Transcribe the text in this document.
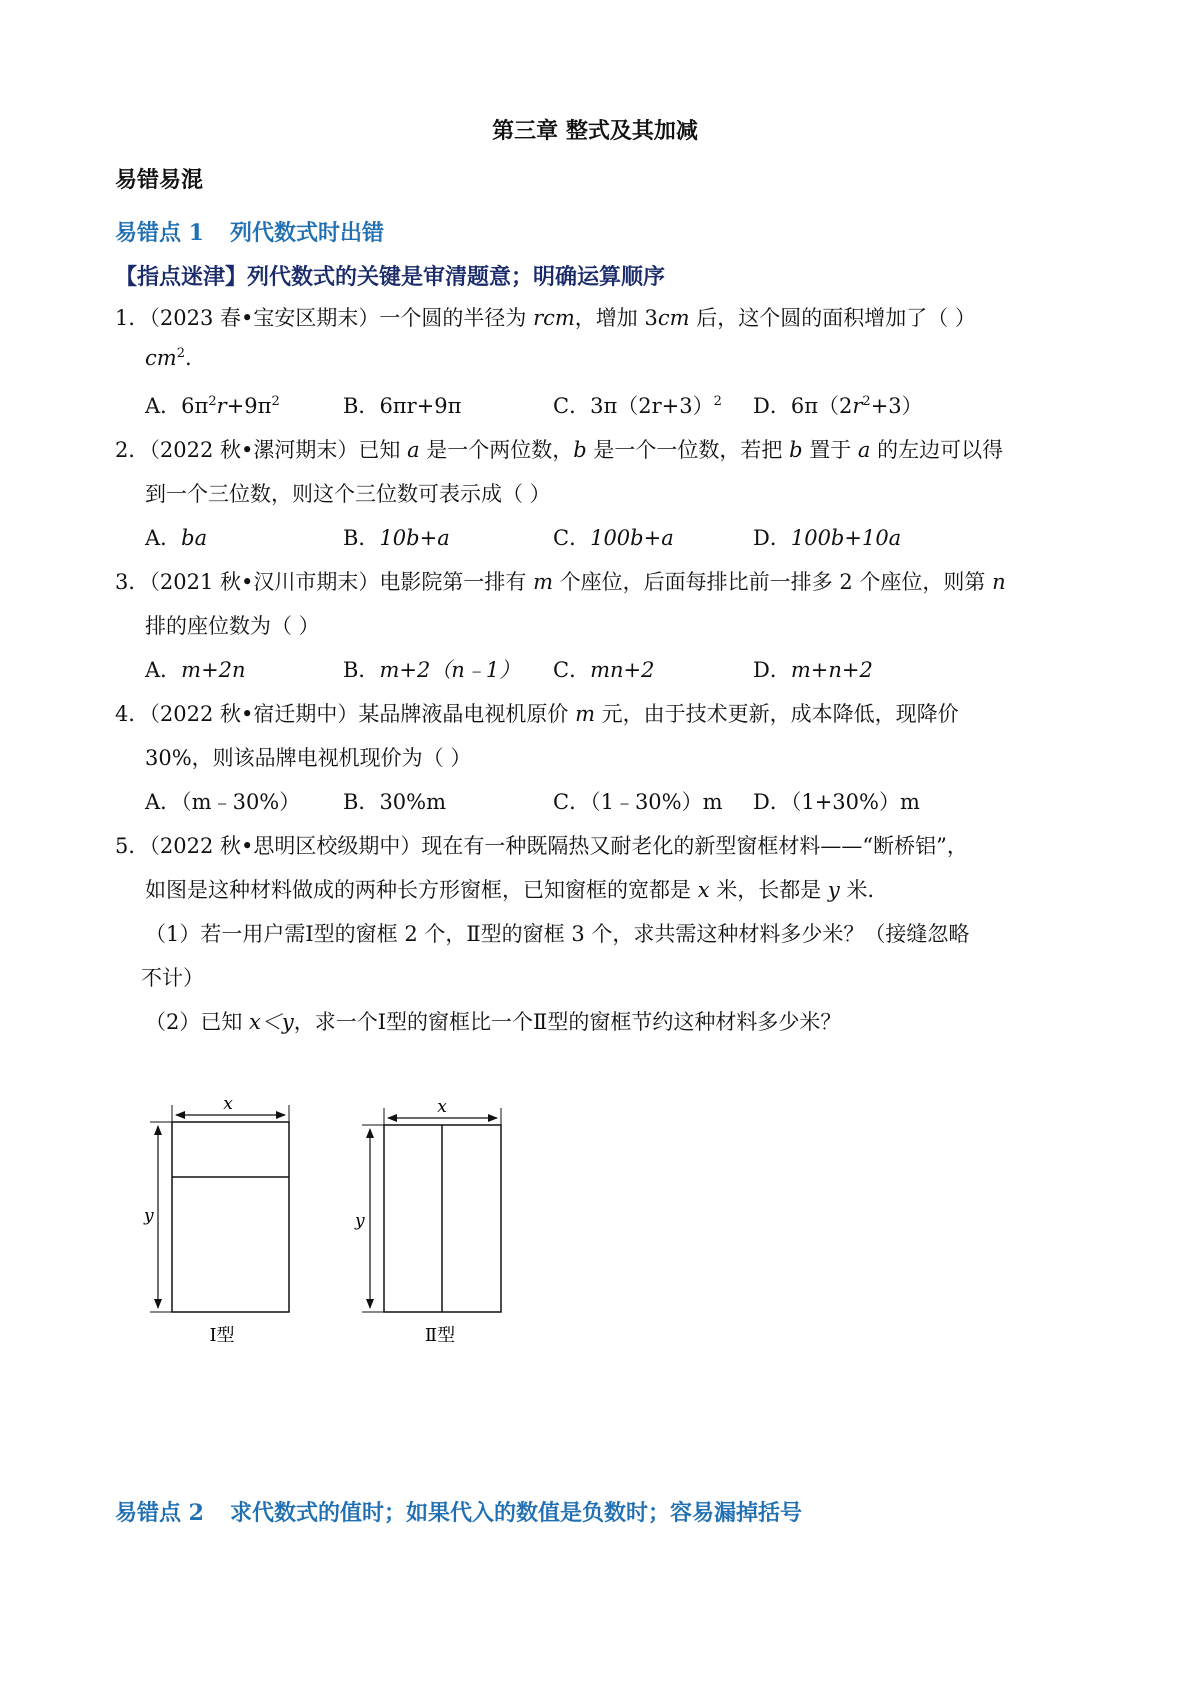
第三章 整式及其加减
易错易混
易错点 1 列代数式时出错
【指点迷津】列代数式的关键是审清题意；明确运算顺序
1．（2023 春•宝安区期末）一个圆的半径为 rcm，增加 3cm 后，这个圆的面积增加了（ ）
$cm^2$.
A．$6\pi^2r+9\pi^2$	B．6πr+9π	C．$3\pi(2r+3)^2$ D．$6\pi(2r^2+3)$
2．（2022 秋•漯河期末）已知 a 是一个两位数，b 是一个一位数，若把 b 置于 a 的左边可以得
到一个三位数，则这个三位数可表示成（ ）
A．ba	B．10b+a	C．100b+a	D．100b+10a
3．（2021 秋•汉川市期末）电影院第一排有 m 个座位，后面每排比前一排多 2 个座位，则第 n
排的座位数为（ ）
A．m+2n	B．m+2（n﹣1） C．mn+2	D．m+n+2
4．（2022 秋•宿迁期中）某品牌液晶电视机原价 m 元，由于技术更新，成本降低，现降价
30%，则该品牌电视机现价为（ ）
A．（m﹣30%） B．30%m	C．（1﹣30%）m D．（1+30%）m
5．（2022 秋•思明区校级期中）现在有一种既隔热又耐老化的新型窗框材料——“断桥铝”，
如图是这种材料做成的两种长方形窗框，已知窗框的宽都是 x 米，长都是 y 米．
（1）若一用户需Ⅰ型的窗框 2 个，Ⅱ型的窗框 3 个，求共需这种材料多少米？（接缝忽略
不计）
（2）已知 x＜y，求一个Ⅰ型的窗框比一个Ⅱ型的窗框节约这种材料多少米？
x
y
Ⅰ型
x
y
Ⅱ型
易错点 2 求代数式的值时；如果代入的数值是负数时；容易漏掉括号
